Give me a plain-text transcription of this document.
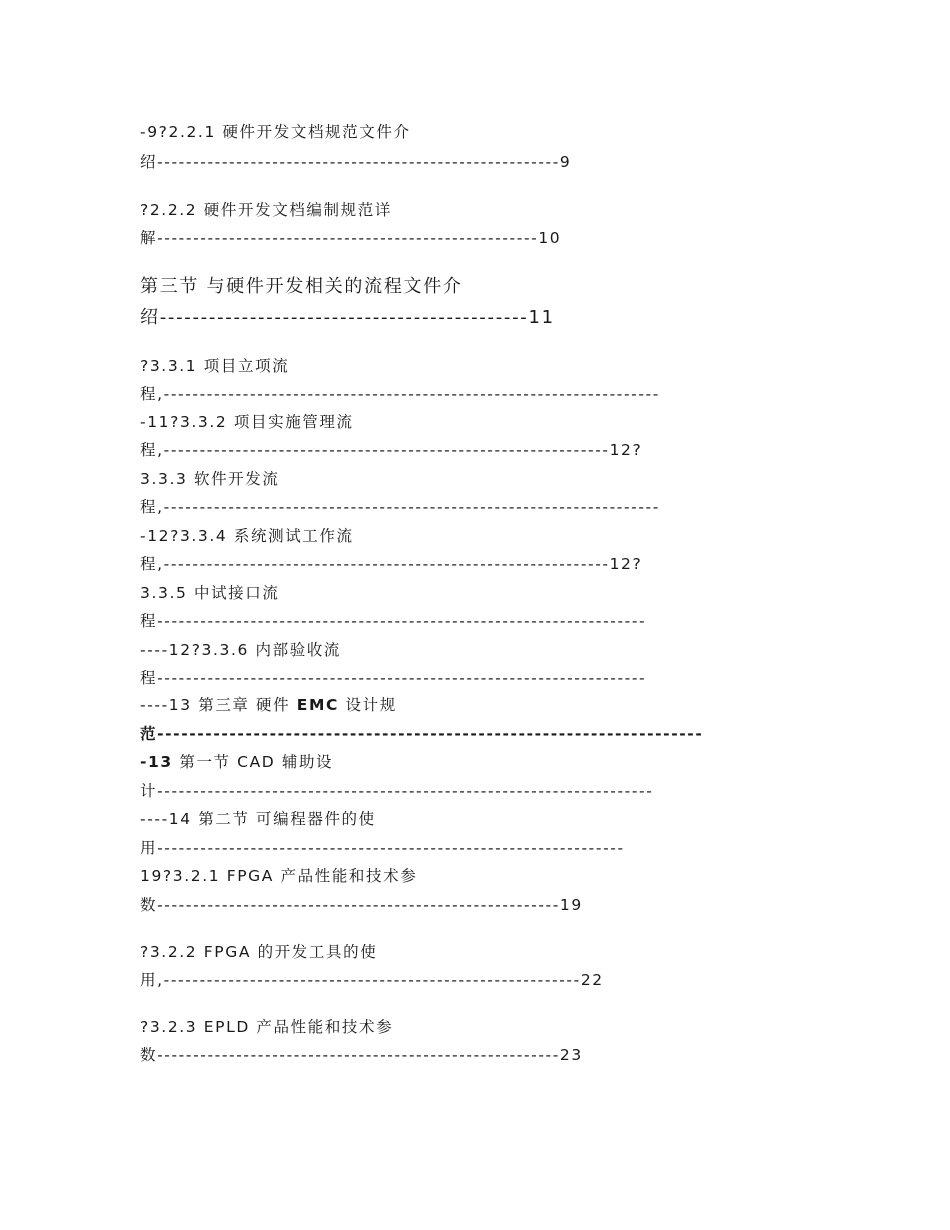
-9?2.2.1 硬件开发文档规范文件介
绍--------------------------------------------------------9
?2.2.2 硬件开发文档编制规范详
解-----------------------------------------------------10
第三节 与硬件开发相关的流程文件介
绍---------------------------------------------11
?3.3.1 项目立项流
程,---------------------------------------------------------------------
-11?3.3.2 项目实施管理流
程,--------------------------------------------------------------12?
3.3.3 软件开发流
程,---------------------------------------------------------------------
-12?3.3.4 系统测试工作流
程,--------------------------------------------------------------12?
3.3.5 中试接口流
程--------------------------------------------------------------------
----12?3.3.6 内部验收流
程--------------------------------------------------------------------
----13 第三章 硬件 EMC 设计规
范--------------------------------------------------------------------
-13 第一节 CAD 辅助设
计---------------------------------------------------------------------
----14 第二节 可编程器件的使
用-----------------------------------------------------------------
19?3.2.1 FPGA 产品性能和技术参
数--------------------------------------------------------19
?3.2.2 FPGA 的开发工具的使
用,----------------------------------------------------------22
?3.2.3 EPLD 产品性能和技术参
数--------------------------------------------------------23
